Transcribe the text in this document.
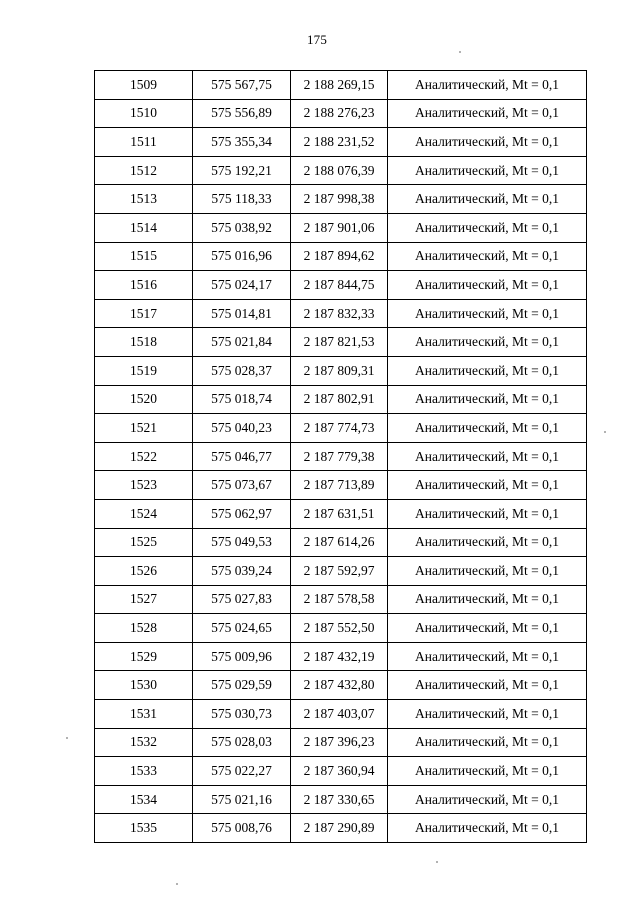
175
1509	575 567,75	2 188 269,15	Аналитический, Mt = 0,1
1510	575 556,89	2 188 276,23	Аналитический, Mt = 0,1
1511	575 355,34	2 188 231,52	Аналитический, Mt = 0,1
1512	575 192,21	2 188 076,39	Аналитический, Mt = 0,1
1513	575 118,33	2 187 998,38	Аналитический, Mt = 0,1
1514	575 038,92	2 187 901,06	Аналитический, Mt = 0,1
1515	575 016,96	2 187 894,62	Аналитический, Mt = 0,1
1516	575 024,17	2 187 844,75	Аналитический, Mt = 0,1
1517	575 014,81	2 187 832,33	Аналитический, Mt = 0,1
1518	575 021,84	2 187 821,53	Аналитический, Mt = 0,1
1519	575 028,37	2 187 809,31	Аналитический, Mt = 0,1
1520	575 018,74	2 187 802,91	Аналитический, Mt = 0,1
1521	575 040,23	2 187 774,73	Аналитический, Mt = 0,1
1522	575 046,77	2 187 779,38	Аналитический, Mt = 0,1
1523	575 073,67	2 187 713,89	Аналитический, Mt = 0,1
1524	575 062,97	2 187 631,51	Аналитический, Mt = 0,1
1525	575 049,53	2 187 614,26	Аналитический, Mt = 0,1
1526	575 039,24	2 187 592,97	Аналитический, Mt = 0,1
1527	575 027,83	2 187 578,58	Аналитический, Mt = 0,1
1528	575 024,65	2 187 552,50	Аналитический, Mt = 0,1
1529	575 009,96	2 187 432,19	Аналитический, Mt = 0,1
1530	575 029,59	2 187 432,80	Аналитический, Mt = 0,1
1531	575 030,73	2 187 403,07	Аналитический, Mt = 0,1
1532	575 028,03	2 187 396,23	Аналитический, Mt = 0,1
1533	575 022,27	2 187 360,94	Аналитический, Mt = 0,1
1534	575 021,16	2 187 330,65	Аналитический, Mt = 0,1
1535	575 008,76	2 187 290,89	Аналитический, Mt = 0,1
